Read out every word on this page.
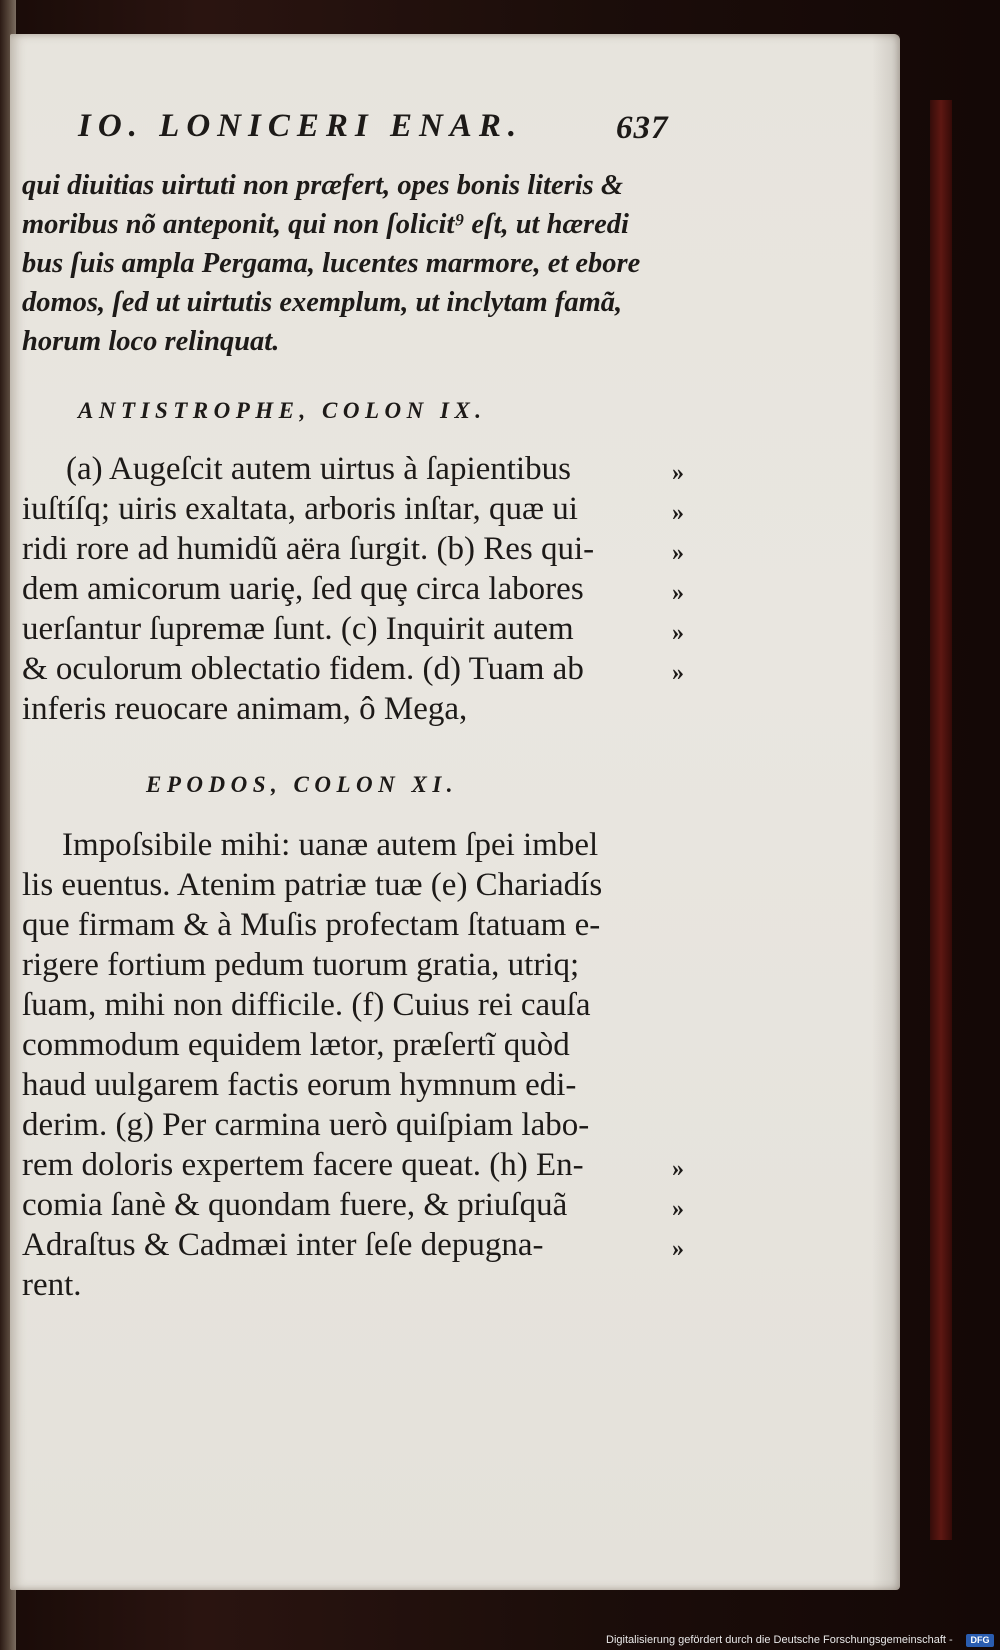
IO. LONICERI ENAR.	637
qui diuitias uirtuti non præfert, opes bonis literis &
moribus nõ anteponit, qui non ſolicit⁹ eſt, ut hæredi
bus ſuis ampla Pergama, lucentes marmore, et ebore
domos, ſed ut uirtutis exemplum, ut inclytam famã,
horum loco relinquat.
ANTISTROPHE, COLON IX.
(a) Augeſcit autem uirtus à ſapientibus
iuſtíſq; uiris exaltata, arboris inſtar, quæ ui
ridi rore ad humidũ aëra ſurgit. (b) Res qui-
dem amicorum uariȩ, ſed quȩ circa labores
uerſantur ſupremæ ſunt. (c) Inquirit autem
& oculorum oblectatio fidem. (d) Tuam ab
inferis reuocare animam, ô Mega,
»
»
»
»
»
»
EPODOS, COLON XI.
Impoſsibile mihi: uanæ autem ſpei imbel
lis euentus. Atenim patriæ tuæ (e) Chariadís
que firmam & à Muſis profectam ſtatuam e-
rigere fortium pedum tuorum gratia, utriq;
ſuam, mihi non difficile. (f) Cuius rei cauſa
commodum equidem lætor, præſertĩ quòd
haud uulgarem factis eorum hymnum edi-
derim. (g) Per carmina uerò quiſpiam labo-
rem doloris expertem facere queat. (h) En-
comia ſanè & quondam fuere, & priuſquã
Adraſtus & Cadmæi inter ſeſe depugna-
rent.
»
»
»
Digitalisierung gefördert durch die Deutsche Forschungsgemeinschaft -	DFG
